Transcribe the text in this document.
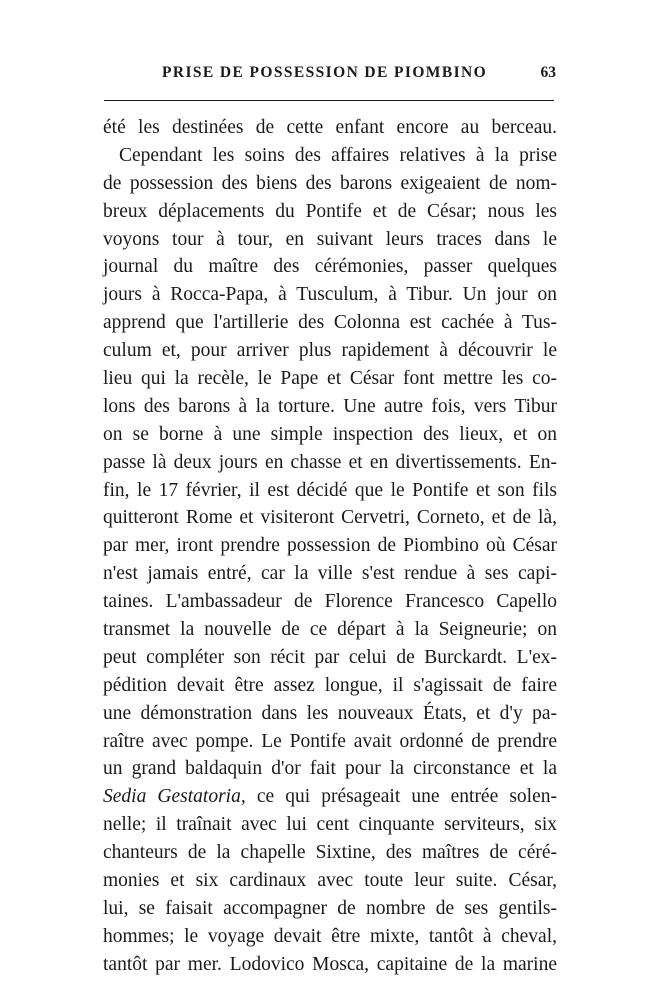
PRISE DE POSSESSION DE PIOMBINO	63
été les destinées de cette enfant encore au berceau.
Cependant les soins des affaires relatives à la prise
de possession des biens des barons exigeaient de nom-
breux déplacements du Pontife et de César; nous les
voyons tour à tour, en suivant leurs traces dans le
journal du maître des cérémonies, passer quelques
jours à Rocca-Papa, à Tusculum, à Tibur. Un jour on
apprend que l'artillerie des Colonna est cachée à Tus-
culum et, pour arriver plus rapidement à découvrir le
lieu qui la recèle, le Pape et César font mettre les co-
lons des barons à la torture. Une autre fois, vers Tibur
on se borne à une simple inspection des lieux, et on
passe là deux jours en chasse et en divertissements. En-
fin, le 17 février, il est décidé que le Pontife et son fils
quitteront Rome et visiteront Cervetri, Corneto, et de là,
par mer, iront prendre possession de Piombino où César
n'est jamais entré, car la ville s'est rendue à ses capi-
taines. L'ambassadeur de Florence Francesco Capello
transmet la nouvelle de ce départ à la Seigneurie; on
peut compléter son récit par celui de Burckardt. L'ex-
pédition devait être assez longue, il s'agissait de faire
une démonstration dans les nouveaux États, et d'y pa-
raître avec pompe. Le Pontife avait ordonné de prendre
un grand baldaquin d'or fait pour la circonstance et la
Sedia Gestatoria, ce qui présageait une entrée solen-
nelle; il traînait avec lui cent cinquante serviteurs, six
chanteurs de la chapelle Sixtine, des maîtres de céré-
monies et six cardinaux avec toute leur suite. César,
lui, se faisait accompagner de nombre de ses gentils-
hommes; le voyage devait être mixte, tantôt à cheval,
tantôt par mer. Lodovico Mosca, capitaine de la marine
